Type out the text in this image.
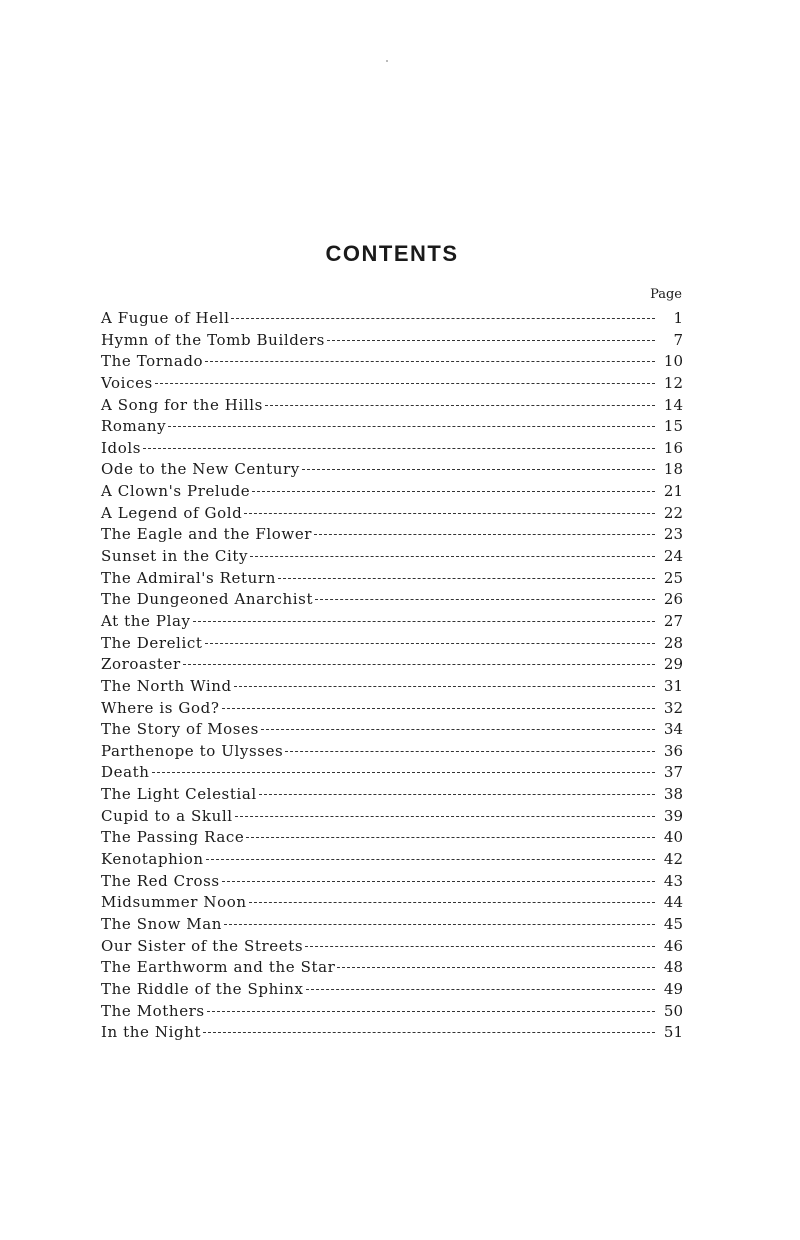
CONTENTS
Page
A Fugue of Hell	1
Hymn of the Tomb Builders	7
The Tornado	10
Voices	12
A Song for the Hills	14
Romany	15
Idols	16
Ode to the New Century	18
A Clown's Prelude	21
A Legend of Gold	22
The Eagle and the Flower	23
Sunset in the City	24
The Admiral's Return	25
The Dungeoned Anarchist	26
At the Play	27
The Derelict	28
Zoroaster	29
The North Wind	31
Where is God?	32
The Story of Moses	34
Parthenope to Ulysses	36
Death	37
The Light Celestial	38
Cupid to a Skull	39
The Passing Race	40
Kenotaphion	42
The Red Cross	43
Midsummer Noon	44
The Snow Man	45
Our Sister of the Streets	46
The Earthworm and the Star	48
The Riddle of the Sphinx	49
The Mothers	50
In the Night	51
